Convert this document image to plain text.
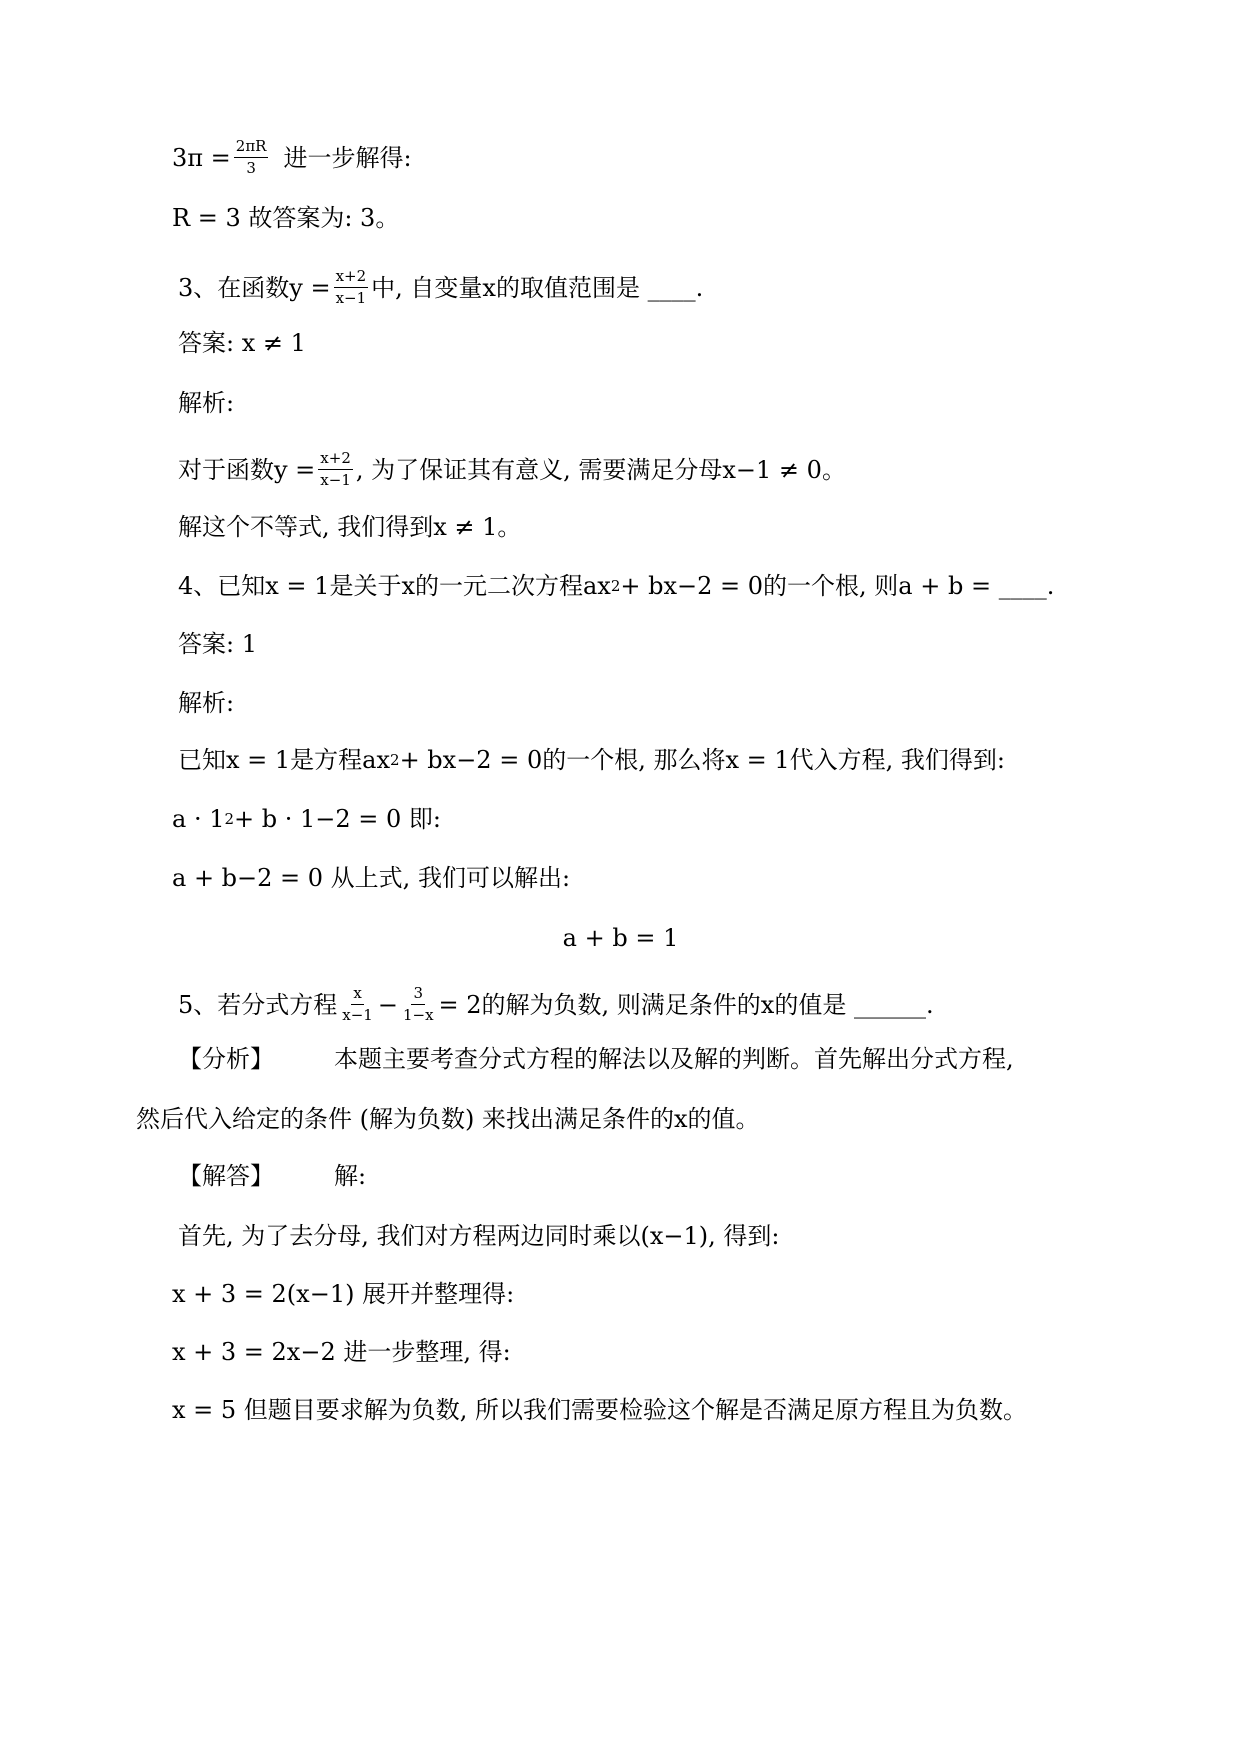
$3\pi = \frac{2\pi R}{3}$ 进一步解得:
R = 3 故答案为: 3。
3、在函数$y = \frac{x+2}{x-1}$ 中, 自变量x的取值范围是 ____.
答案: x ≠ 1
解析:
对于函数$y = \frac{x+2}{x-1}$ , 为了保证其有意义, 需要满足分母x−1 ≠ 0。
解这个不等式, 我们得到x ≠ 1。
4、已知x = 1是关于x的一元二次方程ax 2 + bx−2 = 0的一个根, 则a + b = ____.
答案: 1
解析:
已知x = 1是方程ax 2 + bx−2 = 0的一个根, 那么将x = 1代入方程, 我们得到:
a · 1 2 + b · 1−2 = 0 即:
a + b−2 = 0 从上式, 我们可以解出:
a + b = 1
5、若分式方程 $\frac{x}{x-1} - \frac{3}{1-x} = 2$的解为负数, 则满足条件的x的值是 ______.
【分析】	本题主要考查分式方程的解法以及解的判断。首先解出分式方程,
然后代入给定的条件 (解为负数) 来找出满足条件的x的值。
【解答】	解:
首先, 为了去分母, 我们对方程两边同时乘以(x−1), 得到:
x + 3 = 2(x−1) 展开并整理得:
x + 3 = 2x−2 进一步整理, 得:
x = 5 但题目要求解为负数, 所以我们需要检验这个解是否满足原方程且为负数。
